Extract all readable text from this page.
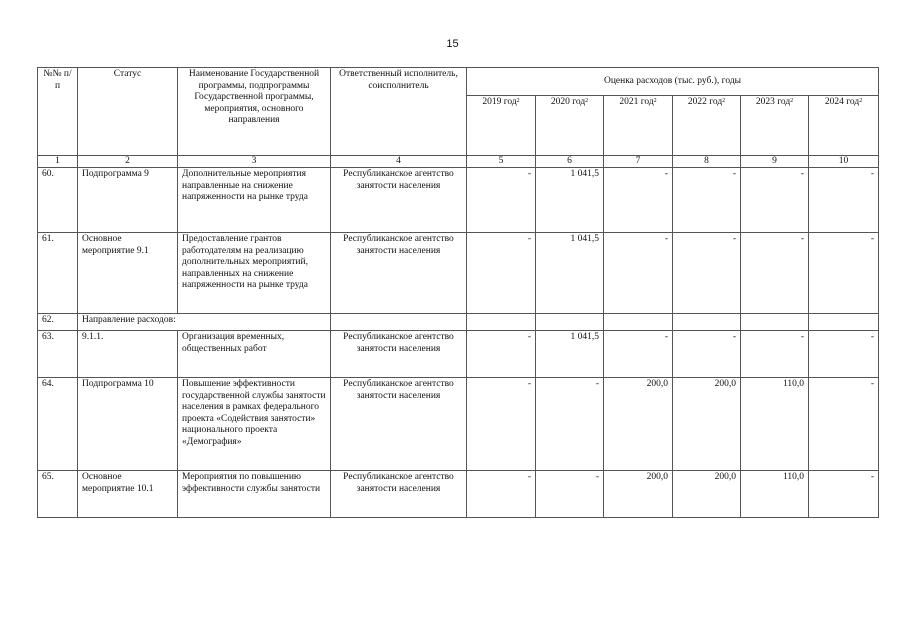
15
№№ п/п	Статус	Наименование Государственной программы, подпрограммы Государственной программы, мероприятия, основного направления	Ответственный исполнитель, соисполнитель	Оценка расходов (тыс. руб.), годы					
				2019 год$^2$	2020 год$^2$	2021 год$^2$	2022 год$^2$	2023 год$^2$	2024 год$^2$
1	2	3	4	5	6	7	8	9	10
60.	Подпрограмма 9	Дополнительные мероприятия направленные на снижение напряженности на рынке труда	Республиканское агентство занятости населения	-	1 041,5	-	-	-	-
61.	Основное мероприятие 9.1	Предоставление грантов работодателям на реализацию дополнительных мероприятий, направленных на снижение напряженности на рынке труда	Республиканское агентство занятости населения	-	1 041,5	-	-	-	-
62.	Направление расходов:								
63.	9.1.1.	Организация временных, общественных работ	Республиканское агентство занятости населения	-	1 041,5	-	-	-	-
64.	Подпрограмма 10	Повышение эффективности государственной службы занятости населения в рамках федерального проекта «Содействия занятости» национального проекта «Демография»	Республиканское агентство занятости населения	-	-	200,0	200,0	110,0	-
65.	Основное мероприятие 10.1	Мероприятия по повышению эффективности службы занятости	Республиканское агентство занятости населения	-	-	200,0	200,0	110,0	-
